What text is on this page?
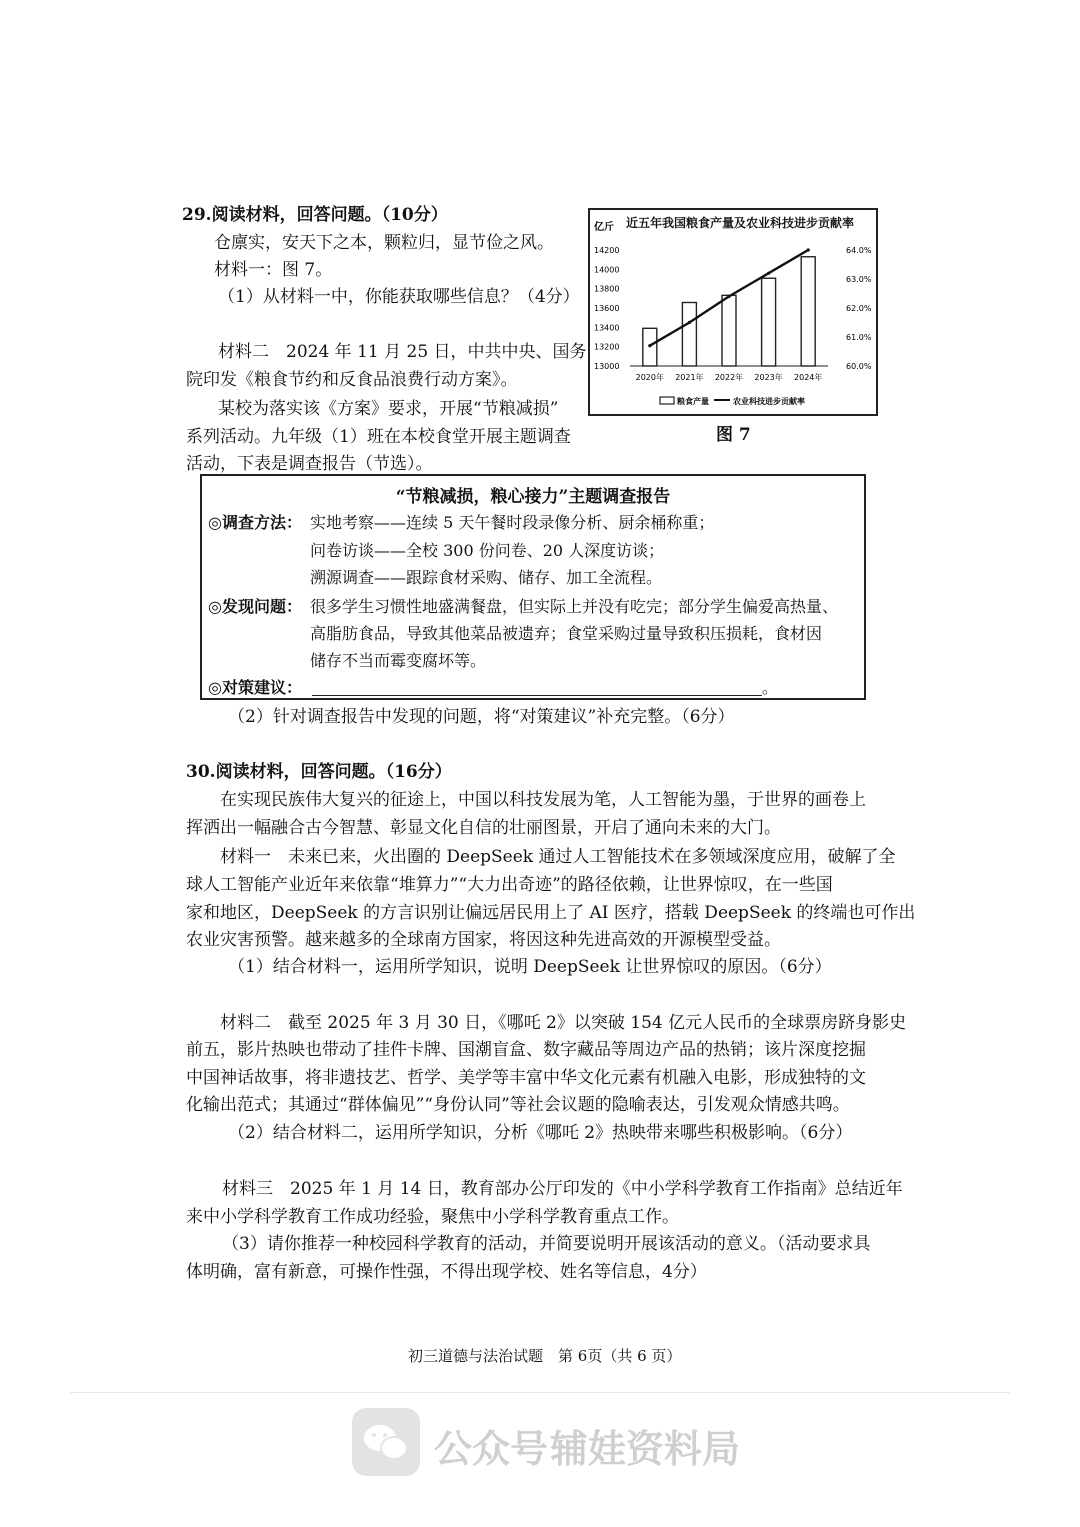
29.阅读材料，回答问题。（10分）
仓廪实，安天下之本，颗粒归，显节俭之风。
材料一：图 7。
（1）从材料一中，你能获取哪些信息？（4分）
材料二　2024 年 11 月 25 日，中共中央、国务
院印发《粮食节约和反食品浪费行动方案》。
某校为落实该《方案》要求，开展“节粮减损”
系列活动。九年级（1）班在本校食堂开展主题调查
活动，下表是调查报告（节选）。
近五年我国粮食产量及农业科技进步贡献率
亿斤
14200
14000
13800
13600
13400
13200
13000
64.0%
63.0%
62.0%
61.0%
60.0%
2020年 2021年 2022年 2023年 2024年
粮食产量	农业科技进步贡献率
图 7
“节粮减损，粮心接力”主题调查报告
◎调查方法： 实地考察——连续 5 天午餐时段录像分析、厨余桶称重；
问卷访谈——全校 300 份问卷、20 人深度访谈；
溯源调查——跟踪食材采购、储存、加工全流程。
◎发现问题： 很多学生习惯性地盛满餐盘，但实际上并没有吃完；部分学生偏爱高热量、
高脂肪食品，导致其他菜品被遗弃；食堂采购过量导致积压损耗，食材因
储存不当而霉变腐坏等。
◎对策建议：	。
（2）针对调查报告中发现的问题，将“对策建议”补充完整。（6分）
30.阅读材料，回答问题。（16分）
在实现民族伟大复兴的征途上，中国以科技发展为笔，人工智能为墨，于世界的画卷上
挥洒出一幅融合古今智慧、彰显文化自信的壮丽图景，开启了通向未来的大门。
材料一　未来已来，火出圈的 DeepSeek 通过人工智能技术在多领域深度应用，破解了全
球人工智能产业近年来依靠“堆算力”“大力出奇迹”的路径依赖，让世界惊叹，在一些国
家和地区，DeepSeek 的方言识别让偏远居民用上了 AI 医疗，搭载 DeepSeek 的终端也可作出
农业灾害预警。越来越多的全球南方国家，将因这种先进高效的开源模型受益。
（1）结合材料一，运用所学知识，说明 DeepSeek 让世界惊叹的原因。（6分）
材料二　截至 2025 年 3 月 30 日，《哪吒 2》以突破 154 亿元人民币的全球票房跻身影史
前五，影片热映也带动了挂件卡牌、国潮盲盒、数字藏品等周边产品的热销；该片深度挖掘
中国神话故事，将非遗技艺、哲学、美学等丰富中华文化元素有机融入电影，形成独特的文
化输出范式；其通过“群体偏见”“身份认同”等社会议题的隐喻表达，引发观众情感共鸣。
（2）结合材料二，运用所学知识，分析《哪吒 2》热映带来哪些积极影响。（6分）
材料三　2025 年 1 月 14 日，教育部办公厅印发的《中小学科学教育工作指南》总结近年
来中小学科学教育工作成功经验，聚焦中小学科学教育重点工作。
（3）请你推荐一种校园科学教育的活动，并简要说明开展该活动的意义。（活动要求具
体明确，富有新意，可操作性强，不得出现学校、姓名等信息，4分）
初三道德与法治试题　第 6页（共 6 页）
公众号 辅娃资料局
